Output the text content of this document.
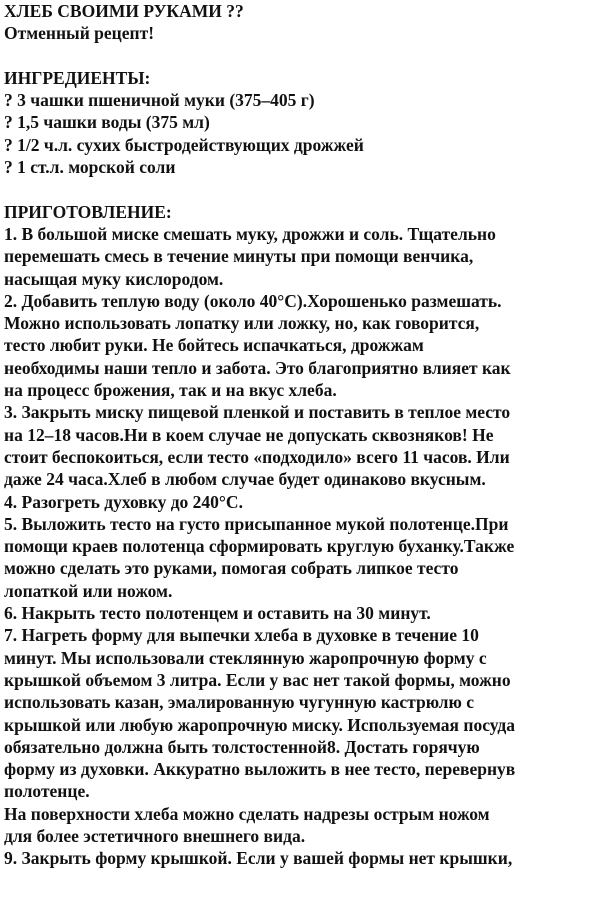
ХЛЕБ СВОИМИ РУКАМИ ??
Отменный рецепт!
ИНГРЕДИЕНТЫ:
? 3 чашки пшеничной муки (375–405 г)
? 1,5 чашки воды (375 мл)
? 1/2 ч.л. сухих быстродействующих дрожжей
? 1 ст.л. морской соли
ПРИГОТОВЛЕНИЕ:
1. В большой миске смешать муку, дрожжи и соль. Тщательно
перемешать смесь в течение минуты при помощи венчика,
насыщая муку кислородом.
2. Добавить теплую воду (около 40°C).Хорошенько размешать.
Можно использовать лопатку или ложку, но, как говорится,
тесто любит руки. Не бойтесь испачкаться, дрожжам
необходимы наши тепло и забота. Это благоприятно влияет как
на процесс брожения, так и на вкус хлеба.
3. Закрыть миску пищевой пленкой и поставить в теплое место
на 12–18 часов.Ни в коем случае не допускать сквозняков! Не
стоит беспокоиться, если тесто «подходило» всего 11 часов. Или
даже 24 часа.Хлеб в любом случае будет одинаково вкусным.
4. Разогреть духовку до 240°C.
5. Выложить тесто на густо присыпанное мукой полотенце.При
помощи краев полотенца сформировать круглую буханку.Также
можно сделать это руками, помогая собрать липкое тесто
лопаткой или ножом.
6. Накрыть тесто полотенцем и оставить на 30 минут.
7. Нагреть форму для выпечки хлеба в духовке в течение 10
минут. Мы использовали стеклянную жаропрочную форму с
крышкой объемом 3 литра. Если у вас нет такой формы, можно
использовать казан, эмалированную чугунную кастрюлю с
крышкой или любую жаропрочную миску. Используемая посуда
обязательно должна быть толстостенной8. Достать горячую
форму из духовки. Аккуратно выложить в нее тесто, перевернув
полотенце.
На поверхности хлеба можно сделать надрезы острым ножом
для более эстетичного внешнего вида.
9. Закрыть форму крышкой. Если у вашей формы нет крышки,
